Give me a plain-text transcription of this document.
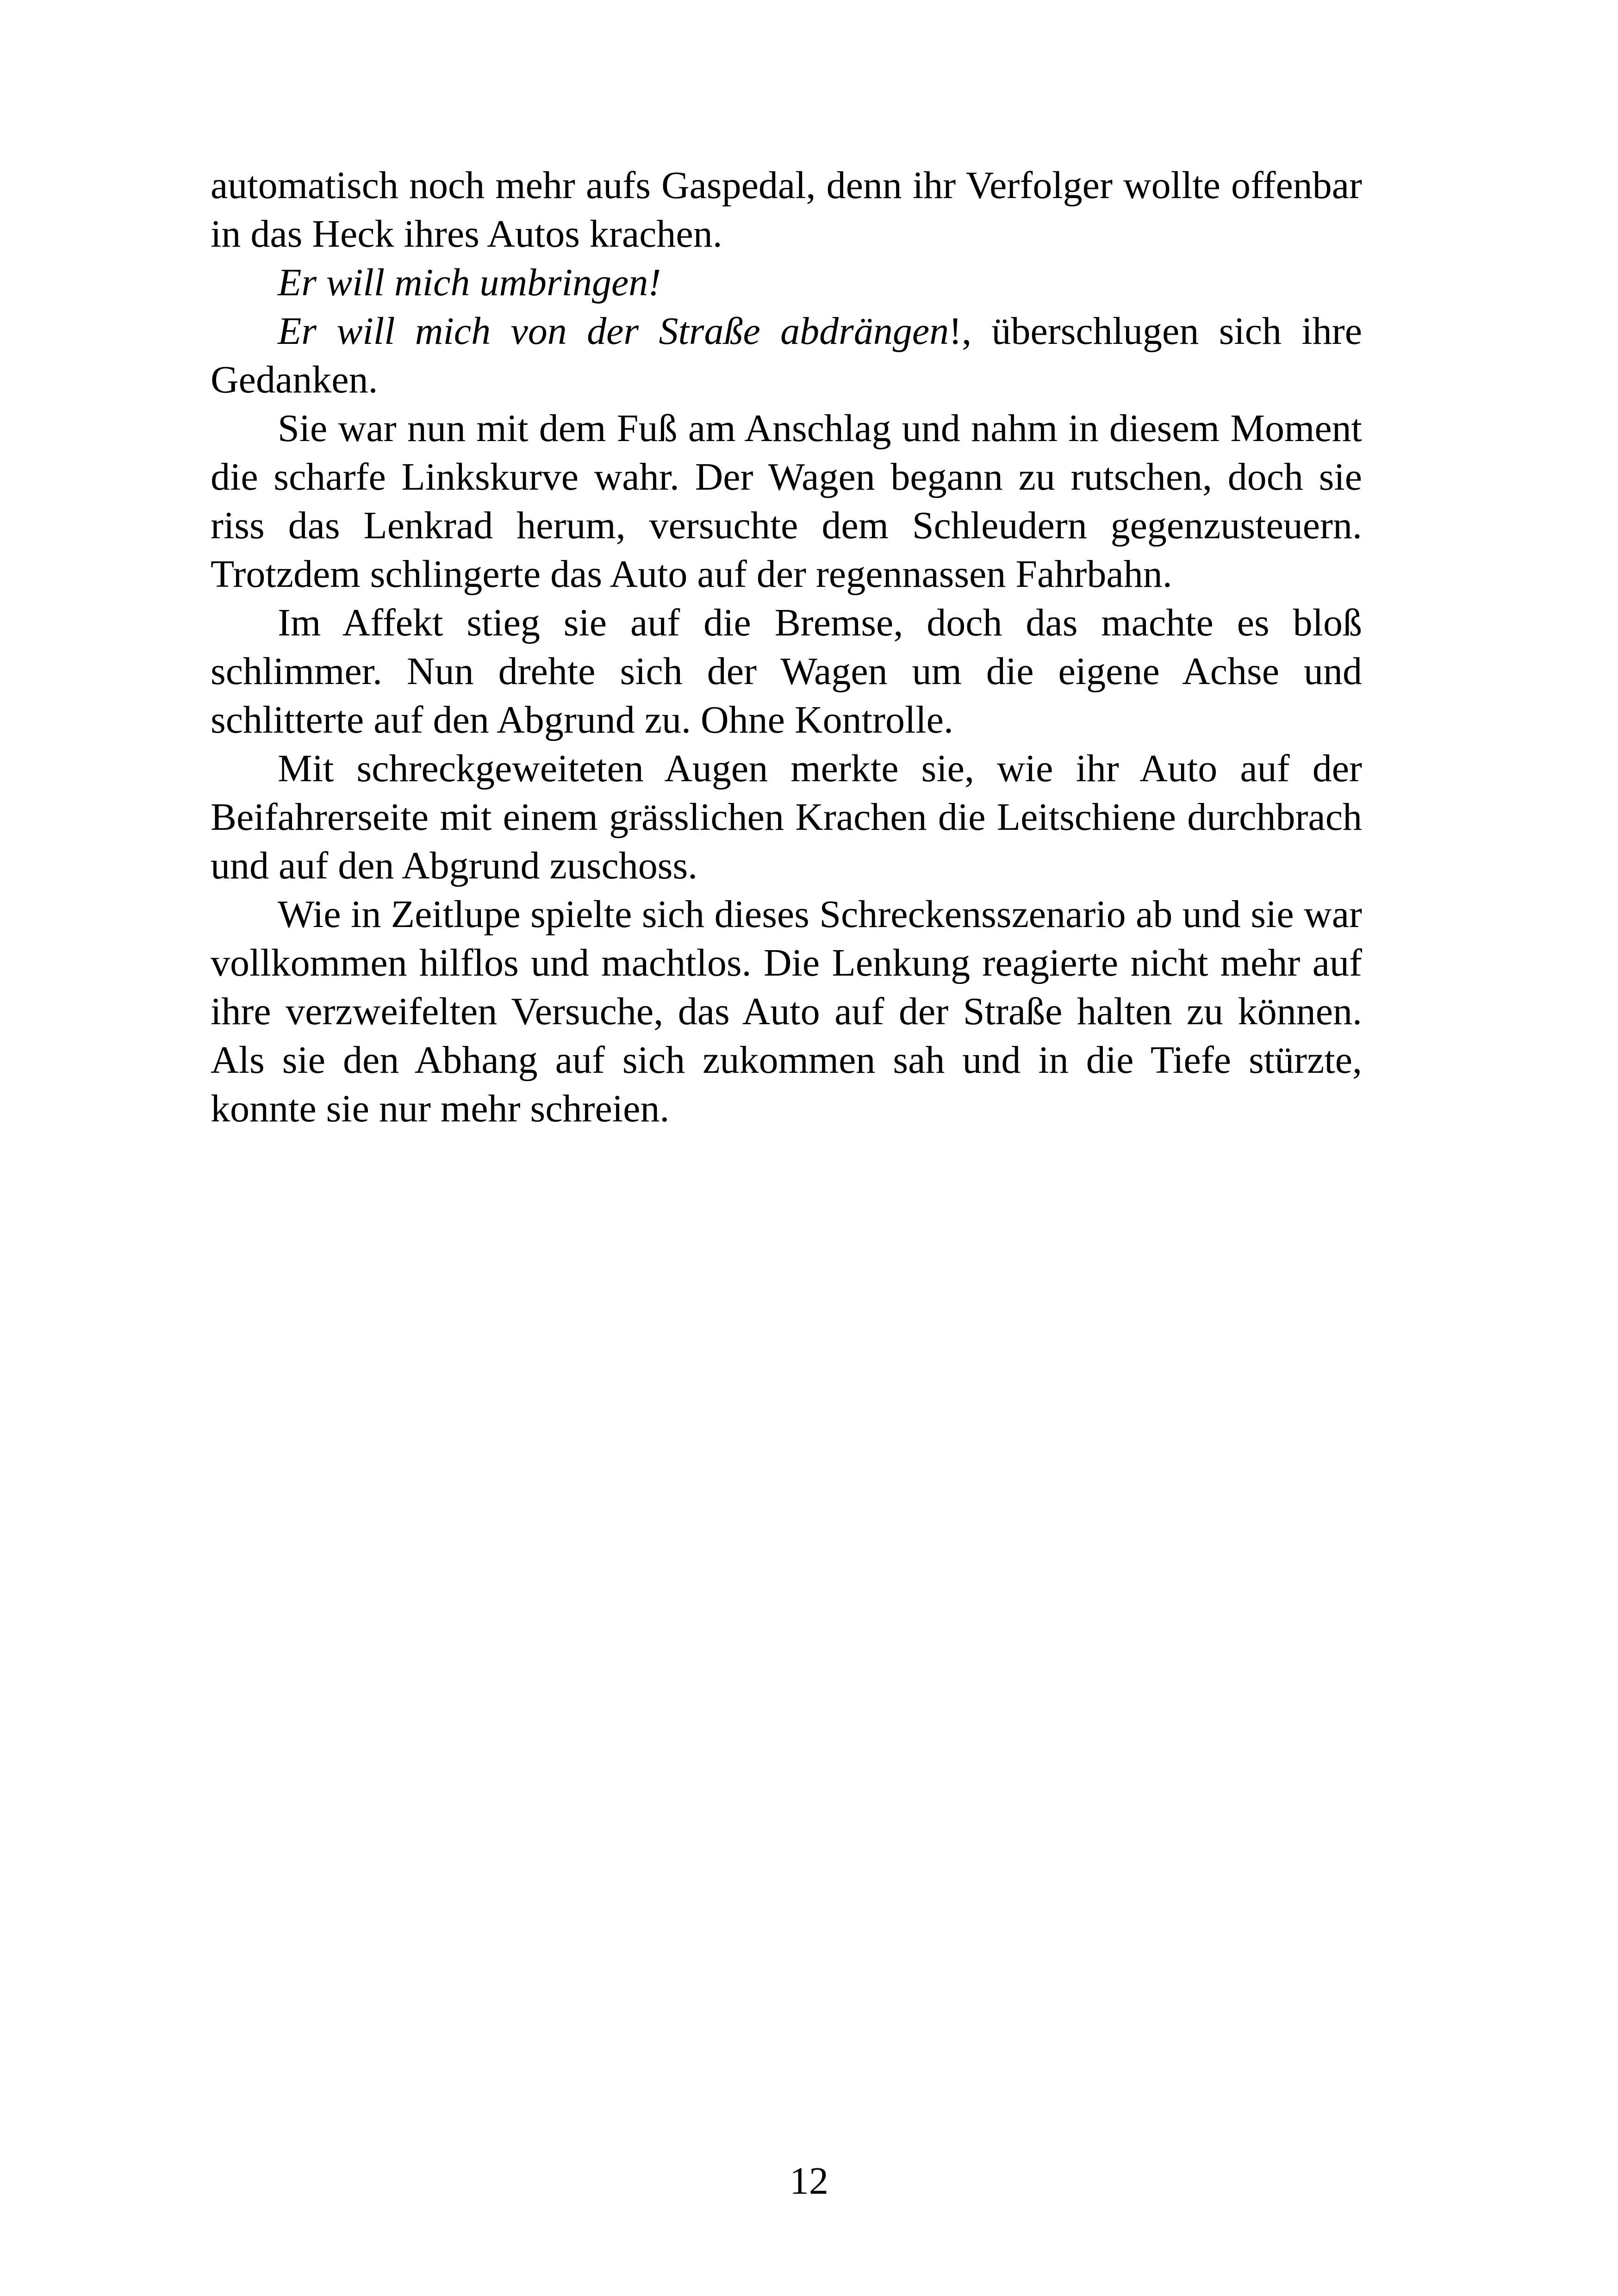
automatisch noch mehr aufs Gaspedal, denn ihr Verfolger wollte offenbar in das Heck ihres Autos krachen.

Er will mich umbringen!

Er will mich von der Straße abdrängen!, überschlugen sich ihre Gedanken.

Sie war nun mit dem Fuß am Anschlag und nahm in diesem Moment die scharfe Linkskurve wahr. Der Wagen begann zu rutschen, doch sie riss das Lenkrad herum, versuchte dem Schleudern gegenzusteuern. Trotzdem schlingerte das Auto auf der regennassen Fahrbahn.

Im Affekt stieg sie auf die Bremse, doch das machte es bloß schlimmer. Nun drehte sich der Wagen um die eigene Achse und schlitterte auf den Abgrund zu. Ohne Kontrolle.

Mit schreckgeweiteten Augen merkte sie, wie ihr Auto auf der Beifahrerseite mit einem grässlichen Krachen die Leitschiene durchbrach und auf den Abgrund zuschoss.

Wie in Zeitlupe spielte sich dieses Schreckensszenario ab und sie war vollkommen hilflos und machtlos. Die Lenkung reagierte nicht mehr auf ihre verzweifelten Versuche, das Auto auf der Straße halten zu können. Als sie den Abhang auf sich zukommen sah und in die Tiefe stürzte, konnte sie nur mehr schreien.

12
